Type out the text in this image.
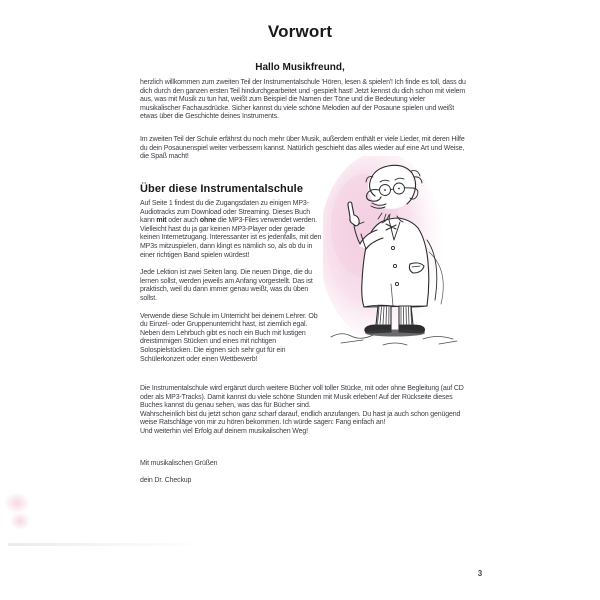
Vorwort
Hallo Musikfreund,

herzlich willkommen zum zweiten Teil der Instrumentalschule 'Hören, lesen & spielen'! Ich finde es toll, dass du dich durch den ganzen ersten Teil hindurchgearbeitet und -gespielt hast! Jetzt kennst du dich schon mit vielem aus, was mit Musik zu tun hat, weißt zum Beispiel die Namen der Töne und die Bedeutung vieler musikalischer Fachausdrücke. Sicher kannst du viele schöne Melodien auf der Posaune spielen und weißt etwas über die Geschichte deines Instruments.

Im zweiten Teil der Schule erfährst du noch mehr über Musik, außerdem enthält er viele Lieder, mit deren Hilfe du dein Posaunenspiel weiter verbessern kannst. Natürlich geschieht das alles wieder auf eine Art und Weise, die Spaß macht!

Über diese Instrumentalschule

Auf Seite 1 findest du die Zugangsdaten zu einigen MP3-Audiotracks zum Download oder Streaming. Dieses Buch kann mit oder auch ohne die MP3-Files verwendet werden. Vielleicht hast du ja gar keinen MP3-Player oder gerade keinen Internetzugang. Interessanter ist es jedenfalls, mit den MP3s mitzuspielen, dann klingt es nämlich so, als ob du in einer richtigen Band spielen würdest!

Jede Lektion ist zwei Seiten lang. Die neuen Dinge, die du lernen sollst, werden jeweils am Anfang vorgestellt. Das ist praktisch, weil du dann immer genau weißt, was du üben sollst.

Verwende diese Schule im Unterricht bei deinem Lehrer. Ob du Einzel- oder Gruppenunterricht hast, ist ziemlich egal. Neben dem Lehrbuch gibt es noch ein Buch mit lustigen dreistimmigen Stücken und eines mit richtigen Solospielstücken. Die eignen sich sehr gut für ein Schülerkonzert oder einen Wettbewerb!

Die Instrumentalschule wird ergänzt durch weitere Bücher voll toller Stücke, mit oder ohne Begleitung (auf CD oder als MP3-Tracks). Damit kannst du viele schöne Stunden mit Musik erleben! Auf der Rückseite dieses Buches kannst du genau sehen, was das für Bücher sind.
Wahrscheinlich bist du jetzt schon ganz scharf darauf, endlich anzufangen. Du hast ja auch schon genügend weise Ratschläge von mir zu hören bekommen. Ich würde sagen: Fang einfach an!
Und weiterhin viel Erfolg auf deinem musikalischen Weg!
Mit musikalischen Grüßen
dein Dr. Checkup
3
